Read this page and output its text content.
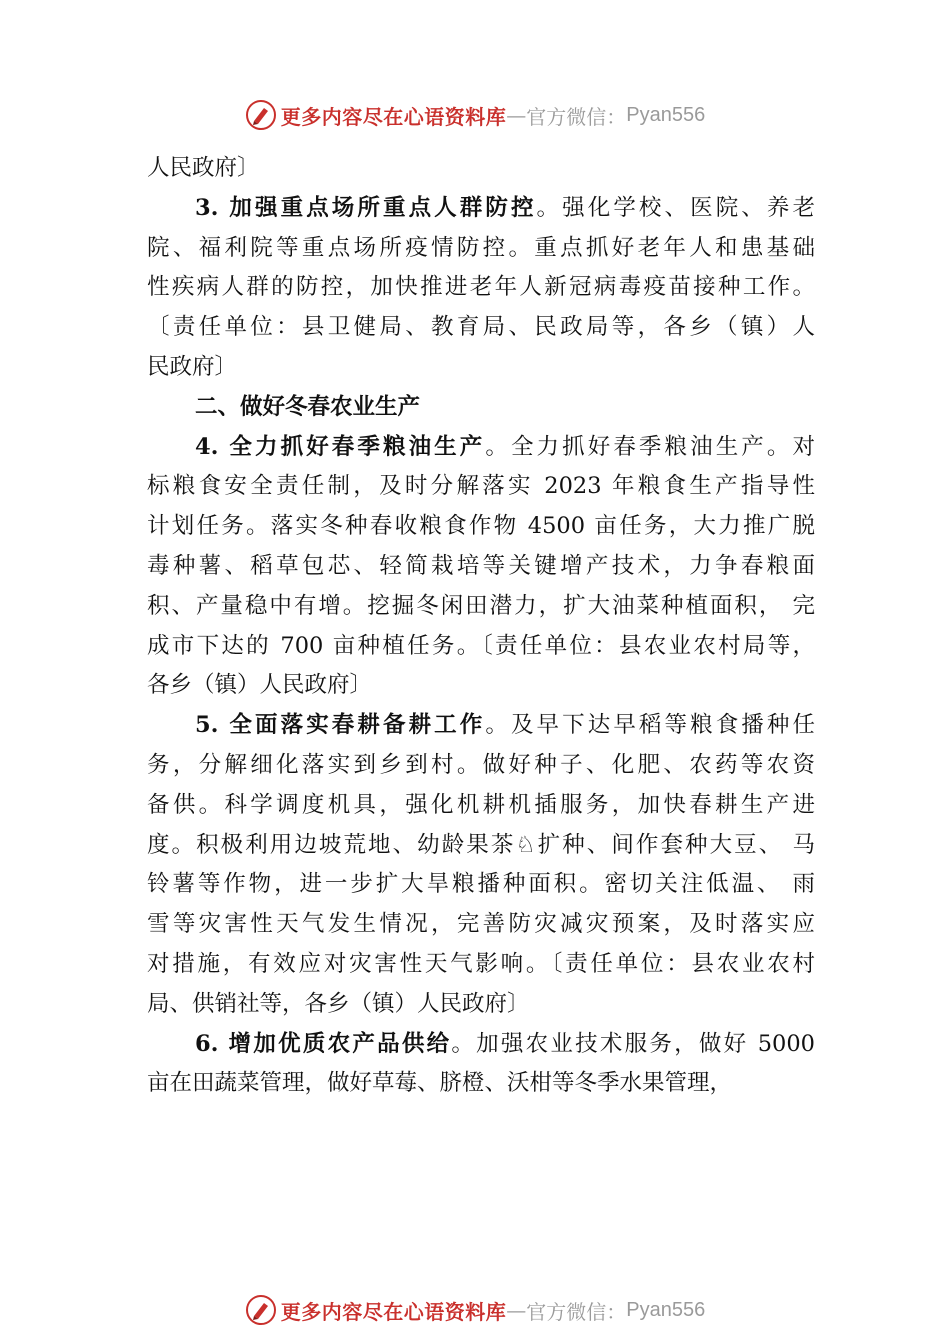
更多内容尽在心语资料库 — 官方微信： Pyan556
人民政府〕
3. 加强重点场所重点人群防控。强化学校、医院、养老
院、福利院等重点场所疫情防控。重点抓好老年人和患基础
性疾病人群的防控，加快推进老年人新冠病毒疫苗接种工作。
〔责任单位：县卫健局、教育局、民政局等，各乡（镇）人
民政府〕
二、做好冬春农业生产
4. 全力抓好春季粮油生产。全力抓好春季粮油生产。对
标粮食安全责任制，及时分解落实 2023 年粮食生产指导性
计划任务。落实冬种春收粮食作物 4500 亩任务，大力推广脱
毒种薯、稻草包芯、轻简栽培等关键增产技术，力争春粮面
积、产量稳中有增。挖掘冬闲田潜力，扩大油菜种植面积， 完
成市下达的 700 亩种植任务。〔责任单位：县农业农村局等，
各乡（镇）人民政府〕
5. 全面落实春耕备耕工作。及早下达早稻等粮食播种任
务，分解细化落实到乡到村。做好种子、化肥、农药等农资
备供。科学调度机具，强化机耕机插服务，加快春耕生产进
度。积极利用边坡荒地、幼龄果茶♘扩种、间作套种大豆、 马
铃薯等作物，进一步扩大旱粮播种面积。密切关注低温、 雨
雪等灾害性天气发生情况，完善防灾减灾预案，及时落实应
对措施，有效应对灾害性天气影响。〔责任单位：县农业农村
局、供销社等，各乡（镇）人民政府〕
6. 增加优质农产品供给。加强农业技术服务，做好 5000
亩在田蔬菜管理，做好草莓、脐橙、沃柑等冬季水果管理，
更多内容尽在心语资料库 — 官方微信： Pyan556
